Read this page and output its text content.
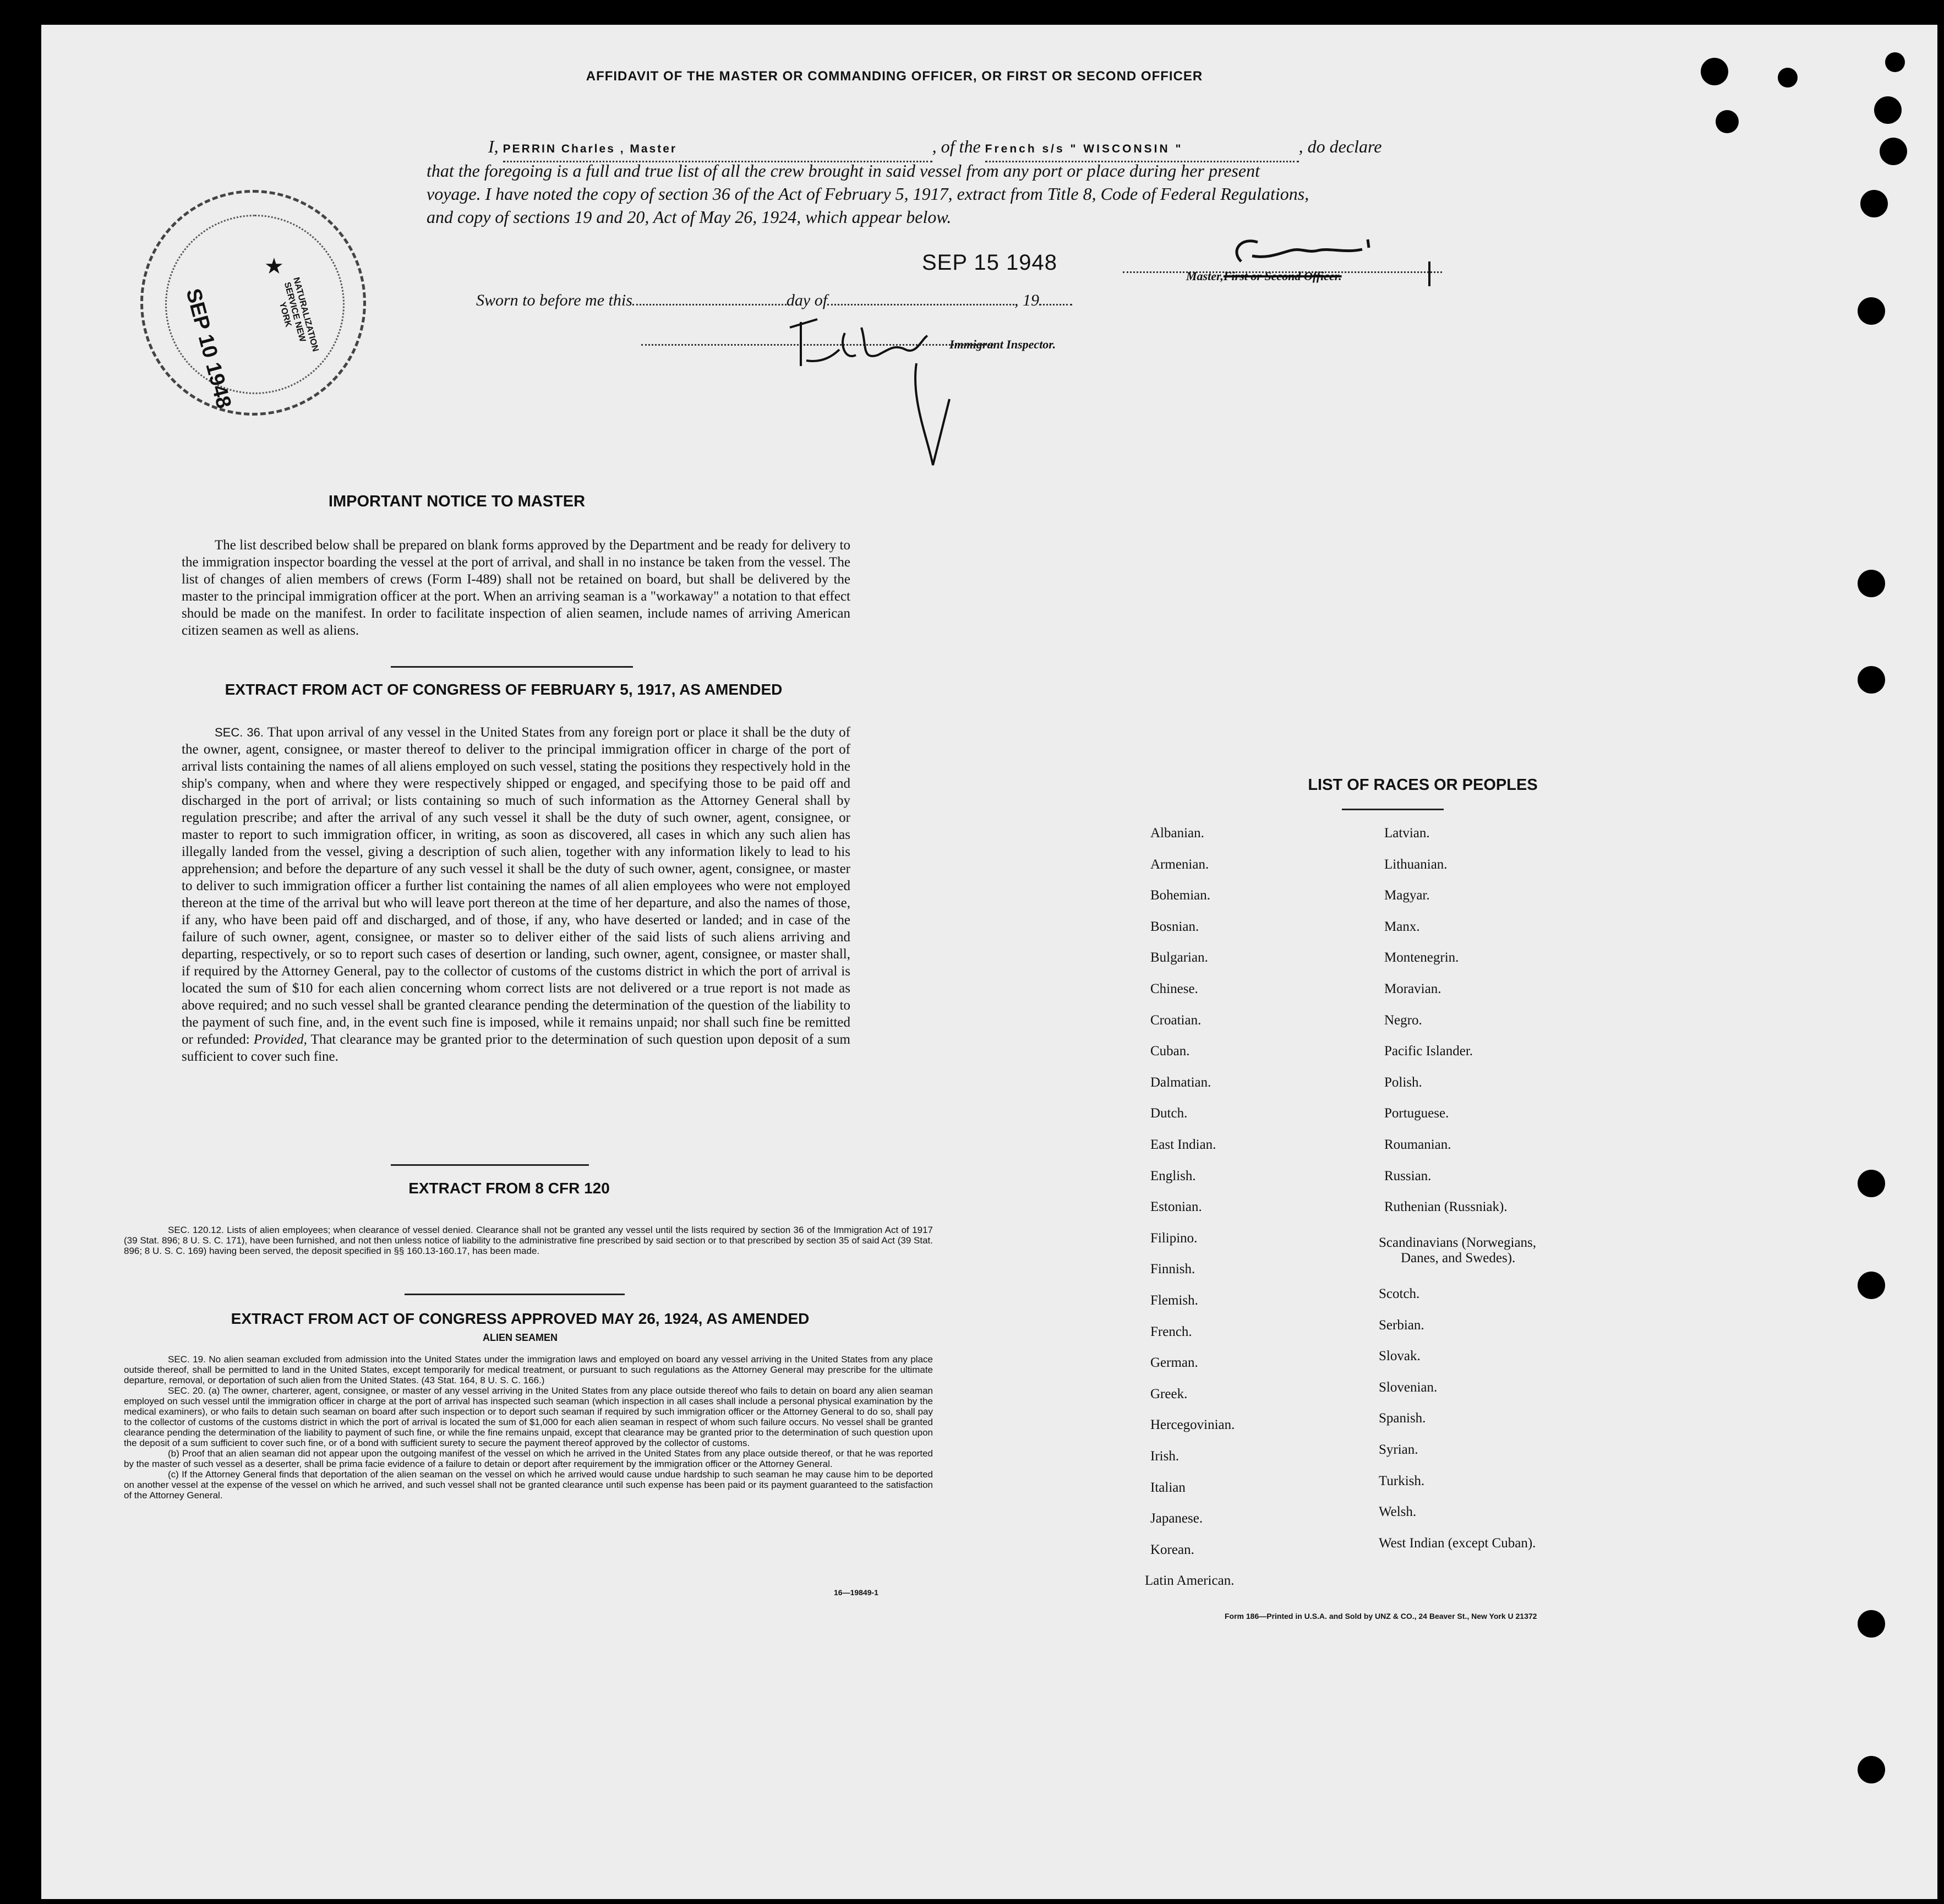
AFFIDAVIT OF THE MASTER OR COMMANDING OFFICER, OR FIRST OR SECOND OFFICER
I, PERRIN Charles , Master	, of the French s/s " WISCONSIN "	, do declare
that the foregoing is a full and true list of all the crew brought in said vessel from any port or place during her present
voyage. I have noted the copy of section 36 of the Act of February 5, 1917, extract from Title 8, Code of Federal Regulations,
and copy of sections 19 and 20, Act of May 26, 1924, which appear below.
SEP 15 1948
Master,First or Second Officer.
Sworn to before me this	day of	, 19
Immigrant Inspector.
SEP 10 1948	NATURALIZATION SERVICE NEW YORK
★
IMPORTANT NOTICE TO MASTER
The list described below shall be prepared on blank forms approved by the Department and be ready for delivery to the immigration inspector boarding the vessel at the port of arrival, and shall in no instance be taken from the vessel. The list of changes of alien members of crews (Form I-489) shall not be retained on board, but shall be delivered by the master to the principal immigration officer at the port. When an arriving seaman is a "workaway" a notation to that effect should be made on the manifest. In order to facilitate inspection of alien seamen, include names of arriving American citizen seamen as well as aliens.
EXTRACT FROM ACT OF CONGRESS OF FEBRUARY 5, 1917, AS AMENDED
SEC. 36. That upon arrival of any vessel in the United States from any foreign port or place it shall be the duty of the owner, agent, consignee, or master thereof to deliver to the principal immigration officer in charge of the port of arrival lists containing the names of all aliens employed on such vessel, stating the positions they respectively hold in the ship's company, when and where they were respectively shipped or engaged, and specifying those to be paid off and discharged in the port of arrival; or lists containing so much of such information as the Attorney General shall by regulation prescribe; and after the arrival of any such vessel it shall be the duty of such owner, agent, consignee, or master to report to such immigration officer, in writing, as soon as discovered, all cases in which any such alien has illegally landed from the vessel, giving a description of such alien, together with any information likely to lead to his apprehension; and before the departure of any such vessel it shall be the duty of such owner, agent, consignee, or master to deliver to such immigration officer a further list containing the names of all alien employees who were not employed thereon at the time of the arrival but who will leave port thereon at the time of her departure, and also the names of those, if any, who have been paid off and discharged, and of those, if any, who have deserted or landed; and in case of the failure of such owner, agent, consignee, or master so to deliver either of the said lists of such aliens arriving and departing, respectively, or so to report such cases of desertion or landing, such owner, agent, consignee, or master shall, if required by the Attorney General, pay to the collector of customs of the customs district in which the port of arrival is located the sum of $10 for each alien concerning whom correct lists are not delivered or a true report is not made as above required; and no such vessel shall be granted clearance pending the determination of the question of the liability to the payment of such fine, and, in the event such fine is imposed, while it remains unpaid; nor shall such fine be remitted or refunded: Provided, That clearance may be granted prior to the determination of such question upon deposit of a sum sufficient to cover such fine.
EXTRACT FROM 8 CFR 120
SEC. 120.12. Lists of alien employees; when clearance of vessel denied. Clearance shall not be granted any vessel until the lists required by section 36 of the Immigration Act of 1917 (39 Stat. 896; 8 U. S. C. 171), have been furnished, and not then unless notice of liability to the administrative fine prescribed by said section or to that prescribed by section 35 of said Act (39 Stat. 896; 8 U. S. C. 169) having been served, the deposit specified in §§ 160.13-160.17, has been made.
EXTRACT FROM ACT OF CONGRESS APPROVED MAY 26, 1924, AS AMENDED
ALIEN SEAMEN
SEC. 19. No alien seaman excluded from admission into the United States under the immigration laws and employed on board any vessel arriving in the United States from any place outside thereof, shall be permitted to land in the United States, except temporarily for medical treatment, or pursuant to such regulations as the Attorney General may prescribe for the ultimate departure, removal, or deportation of such alien from the United States. (43 Stat. 164, 8 U. S. C. 166.)
SEC. 20. (a) The owner, charterer, agent, consignee, or master of any vessel arriving in the United States from any place outside thereof who fails to detain on board any alien seaman employed on such vessel until the immigration officer in charge at the port of arrival has inspected such seaman (which inspection in all cases shall include a personal physical examination by the medical examiners), or who fails to detain such seaman on board after such inspection or to deport such seaman if required by such immigration officer or the Attorney General to do so, shall pay to the collector of customs of the customs district in which the port of arrival is located the sum of $1,000 for each alien seaman in respect of whom such failure occurs. No vessel shall be granted clearance pending the determination of the liability to payment of such fine, or while the fine remains unpaid, except that clearance may be granted prior to the determination of such question upon the deposit of a sum sufficient to cover such fine, or of a bond with sufficient surety to secure the payment thereof approved by the collector of customs.
(b) Proof that an alien seaman did not appear upon the outgoing manifest of the vessel on which he arrived in the United States from any place outside thereof, or that he was reported by the master of such vessel as a deserter, shall be prima facie evidence of a failure to detain or deport after requirement by the immigration officer or the Attorney General.
(c) If the Attorney General finds that deportation of the alien seaman on the vessel on which he arrived would cause undue hardship to such seaman he may cause him to be deported on another vessel at the expense of the vessel on which he arrived, and such vessel shall not be granted clearance until such expense has been paid or its payment guaranteed to the satisfaction of the Attorney General.
16—19849-1
LIST OF RACES OR PEOPLES
Albanian.
Armenian.
Bohemian.
Bosnian.
Bulgarian.
Chinese.
Croatian.
Cuban.
Dalmatian.
Dutch.
East Indian.
English.
Estonian.
Filipino.
Finnish.
Flemish.
French.
German.
Greek.
Hercegovinian.
Irish.
Italian
Japanese.
Korean.
Latin American.
Latvian.
Lithuanian.
Magyar.
Manx.
Montenegrin.
Moravian.
Negro.
Pacific Islander.
Polish.
Portuguese.
Roumanian.
Russian.
Ruthenian (Russniak).
Scandinavians (Norwegians,
Danes, and Swedes).
Scotch.
Serbian.
Slovak.
Slovenian.
Spanish.
Syrian.
Turkish.
Welsh.
West Indian (except Cuban).
Form 186—Printed in U.S.A. and Sold by UNZ & CO., 24 Beaver St., New York U 21372
